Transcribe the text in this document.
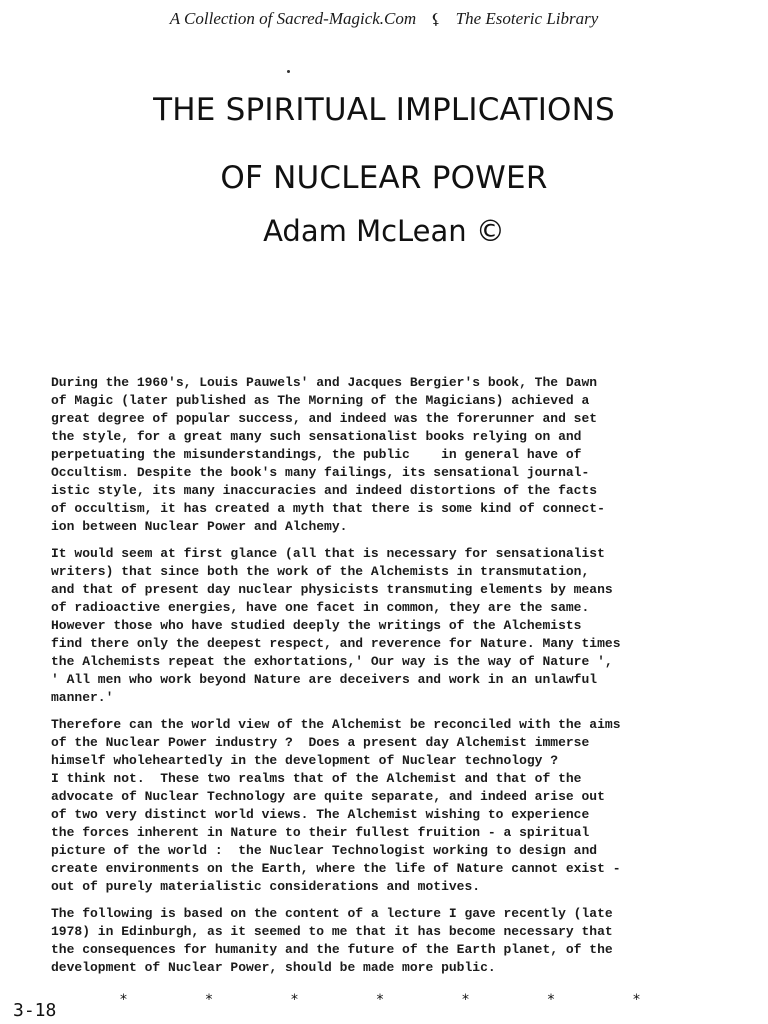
A Collection of Sacred-Magick.Com ⚸ The Esoteric Library
THE SPIRITUAL IMPLICATIONS
OF NUCLEAR POWER
Adam McLean ©

During the 1960's, Louis Pauwels' and Jacques Bergier's book, The Dawn
of Magic (later published as The Morning of the Magicians) achieved a
great degree of popular success, and indeed was the forerunner and set
the style, for a great many such sensationalist books relying on and
perpetuating the misunderstandings, the public    in general have of
Occultism. Despite the book's many failings, its sensational journal-
istic style, its many inaccuracies and indeed distortions of the facts
of occultism, it has created a myth that there is some kind of connect-
ion between Nuclear Power and Alchemy.

It would seem at first glance (all that is necessary for sensationalist
writers) that since both the work of the Alchemists in transmutation,
and that of present day nuclear physicists transmuting elements by means
of radioactive energies, have one facet in common, they are the same.
However those who have studied deeply the writings of the Alchemists
find there only the deepest respect, and reverence for Nature. Many times
the Alchemists repeat the exhortations,' Our way is the way of Nature ',
' All men who work beyond Nature are deceivers and work in an unlawful
manner.'

Therefore can the world view of the Alchemist be reconciled with the aims
of the Nuclear Power industry ?  Does a present day Alchemist immerse
himself wholeheartedly in the development of Nuclear technology ?
I think not.  These two realms that of the Alchemist and that of the
advocate of Nuclear Technology are quite separate, and indeed arise out
of two very distinct world views. The Alchemist wishing to experience
the forces inherent in Nature to their fullest fruition - a spiritual
picture of the world :  the Nuclear Technologist working to design and
create environments on the Earth, where the life of Nature cannot exist -
out of purely materialistic considerations and motives.

The following is based on the content of a lecture I gave recently (late
1978) in Edinburgh, as it seemed to me that it has become necessary that
the consequences for humanity and the future of the Earth planet, of the
development of Nuclear Power, should be made more public.

3-18	*	*	*	*	*	*	*
